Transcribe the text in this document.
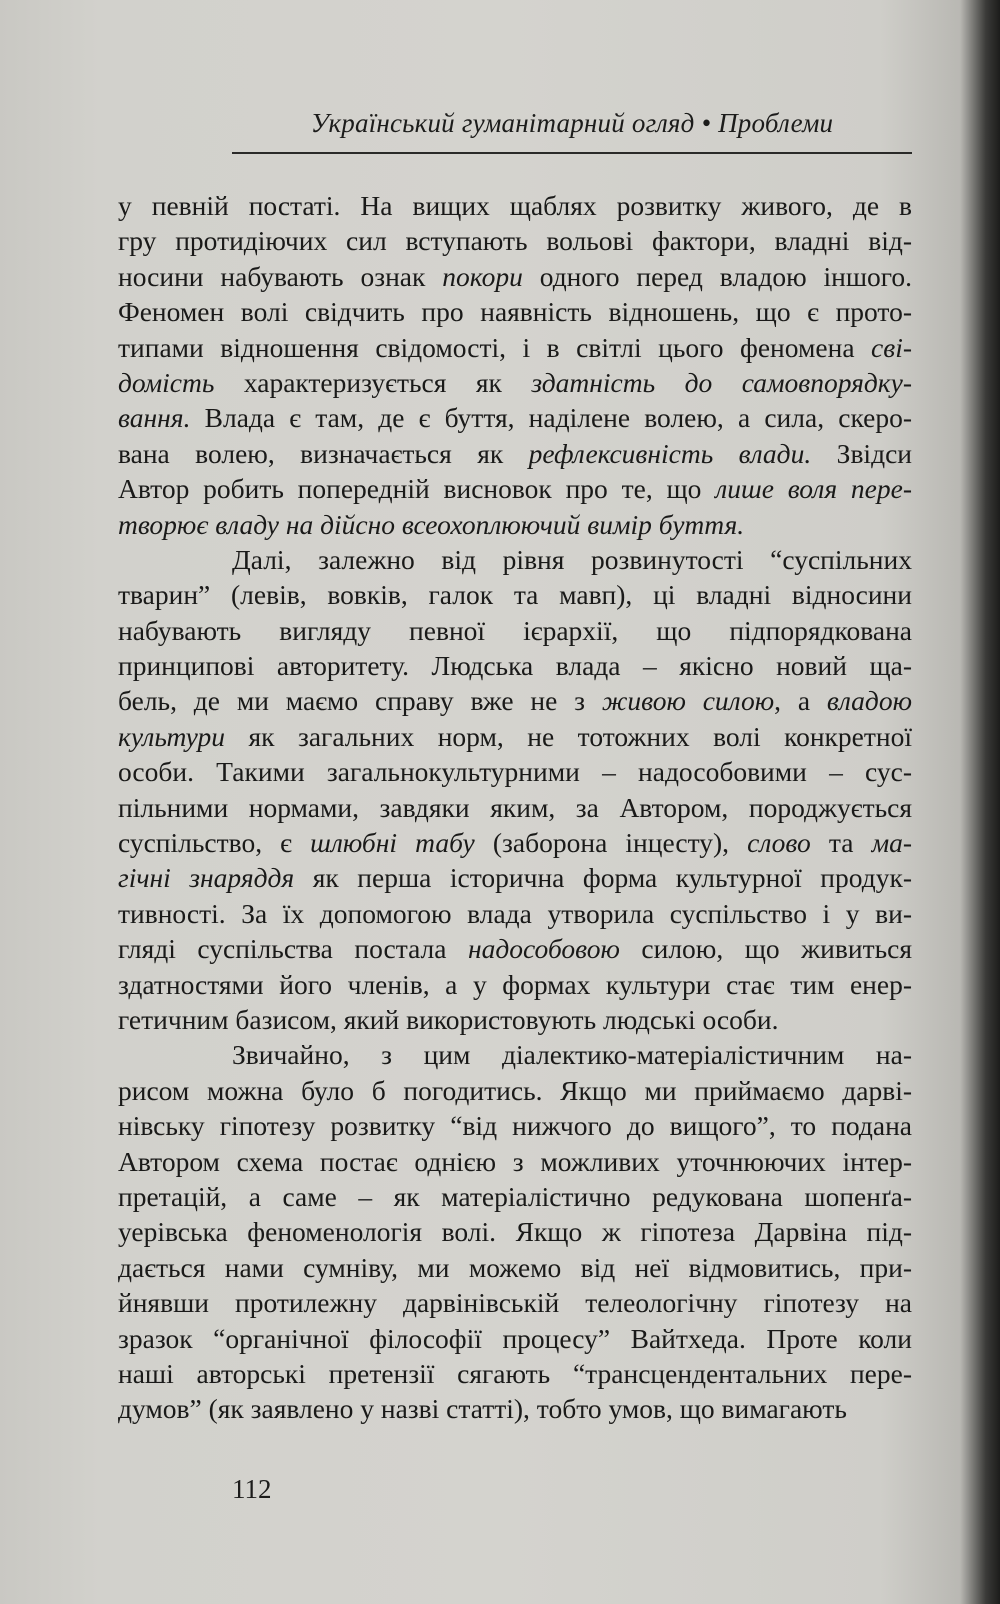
Український гуманітарний огляд • Проблеми
у певній постаті. На вищих щаблях розвитку живого, де в
гру протидіючих сил вступають вольові фактори, владні від-
носини набувають ознак покори одного перед владою іншого.
Феномен волі свідчить про наявність відношень, що є прото-
типами відношення свідомості, і в світлі цього феномена сві-
домість характеризується як здатність до самовпорядку-
вання. Влада є там, де є буття, наділене волею, а сила, скеро-
вана волею, визначається як рефлексивність влади. Звідси
Автор робить попередній висновок про те, що лише воля пере-
творює владу на дійсно всеохоплюючий вимір буття.
Далі, залежно від рівня розвинутості “суспільних
тварин” (левів, вовків, галок та мавп), ці владні відносини
набувають вигляду певної ієрархії, що підпорядкована
принципові авторитету. Людська влада – якісно новий ща-
бель, де ми маємо справу вже не з живою силою, а владою
культури як загальних норм, не тотожних волі конкретної
особи. Такими загальнокультурними – надособовими – сус-
пільними нормами, завдяки яким, за Автором, породжується
суспільство, є шлюбні табу (заборона інцесту), слово та ма-
гічні знаряддя як перша історична форма культурної продук-
тивності. За їх допомогою влада утворила суспільство і у ви-
гляді суспільства постала надособовою силою, що живиться
здатностями його членів, а у формах культури стає тим енер-
гетичним базисом, який використовують людські особи.
Звичайно, з цим діалектико-матеріалістичним на-
рисом можна було б погодитись. Якщо ми приймаємо дарві-
нівську гіпотезу розвитку “від нижчого до вищого”, то подана
Автором схема постає однією з можливих уточнюючих інтер-
претацій, а саме – як матеріалістично редукована шопенґа-
уерівська феноменологія волі. Якщо ж гіпотеза Дарвіна під-
дається нами сумніву, ми можемо від неї відмовитись, при-
йнявши протилежну дарвінівській телеологічну гіпотезу на
зразок “органічної філософії процесу” Вайтхеда. Проте коли
наші авторські претензії сягають “трансцендентальних пере-
думов” (як заявлено у назві статті), тобто умов, що вимагають
112
